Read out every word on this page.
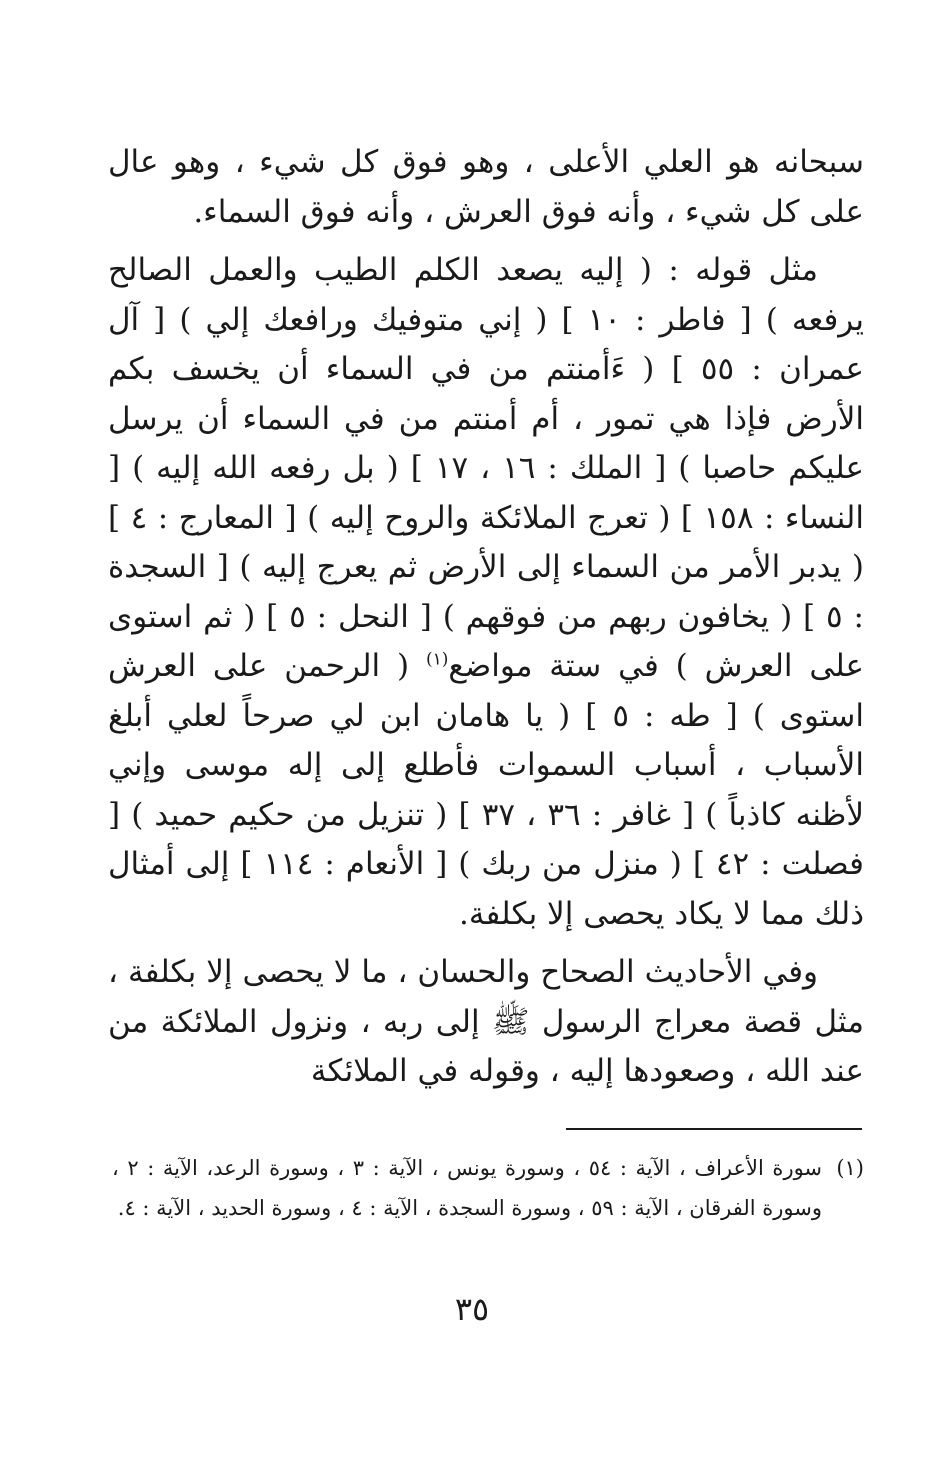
سبحانه هو العلي الأعلى ، وهو فوق كل شيء ، وهو عال على كل شيء ، وأنه فوق العرش ، وأنه فوق السماء.

مثل قوله : ( إليه يصعد الكلم الطيب والعمل الصالح يرفعه ) [ فاطر : ١٠ ] ( إني متوفيك ورافعك إلي ) [ آل عمران : ٥٥ ] ( ءَأمنتم من في السماء أن يخسف بكم الأرض فإذا هي تمور ، أم أمنتم من في السماء أن يرسل عليكم حاصبا ) [ الملك : ١٦ ، ١٧ ] ( بل رفعه الله إليه ) [ النساء : ١٥٨ ] ( تعرج الملائكة والروح إليه ) [ المعارج : ٤ ] ( يدبر الأمر من السماء إلى الأرض ثم يعرج إليه ) [ السجدة : ٥ ] ( يخافون ربهم من فوقهم ) [ النحل : ٥ ] ( ثم استوى على العرش ) في ستة مواضع$^{(١)}$ ( الرحمن على العرش استوى ) [ طه : ٥ ] ( يا هامان ابن لي صرحاً لعلي أبلغ الأسباب ، أسباب السموات فأطلع إلى إله موسى وإني لأظنه كاذباً ) [ غافر : ٣٦ ، ٣٧ ] ( تنزيل من حكيم حميد ) [ فصلت : ٤٢ ] ( منزل من ربك ) [ الأنعام : ١١٤ ] إلى أمثال ذلك مما لا يكاد يحصى إلا بكلفة.

وفي الأحاديث الصحاح والحسان ، ما لا يحصى إلا بكلفة ، مثل قصة معراج الرسول ﷺ إلى ربه ، ونزول الملائكة من عند الله ، وصعودها إليه ، وقوله في الملائكة

(١)
سورة الأعراف ، الآية : ٥٤ ، وسورة يونس ، الآية : ٣ ، وسورة الرعد، الآية : ٢ ، وسورة الفرقان ، الآية : ٥٩ ، وسورة السجدة ، الآية : ٤ ، وسورة الحديد ، الآية : ٤.
٣٥
